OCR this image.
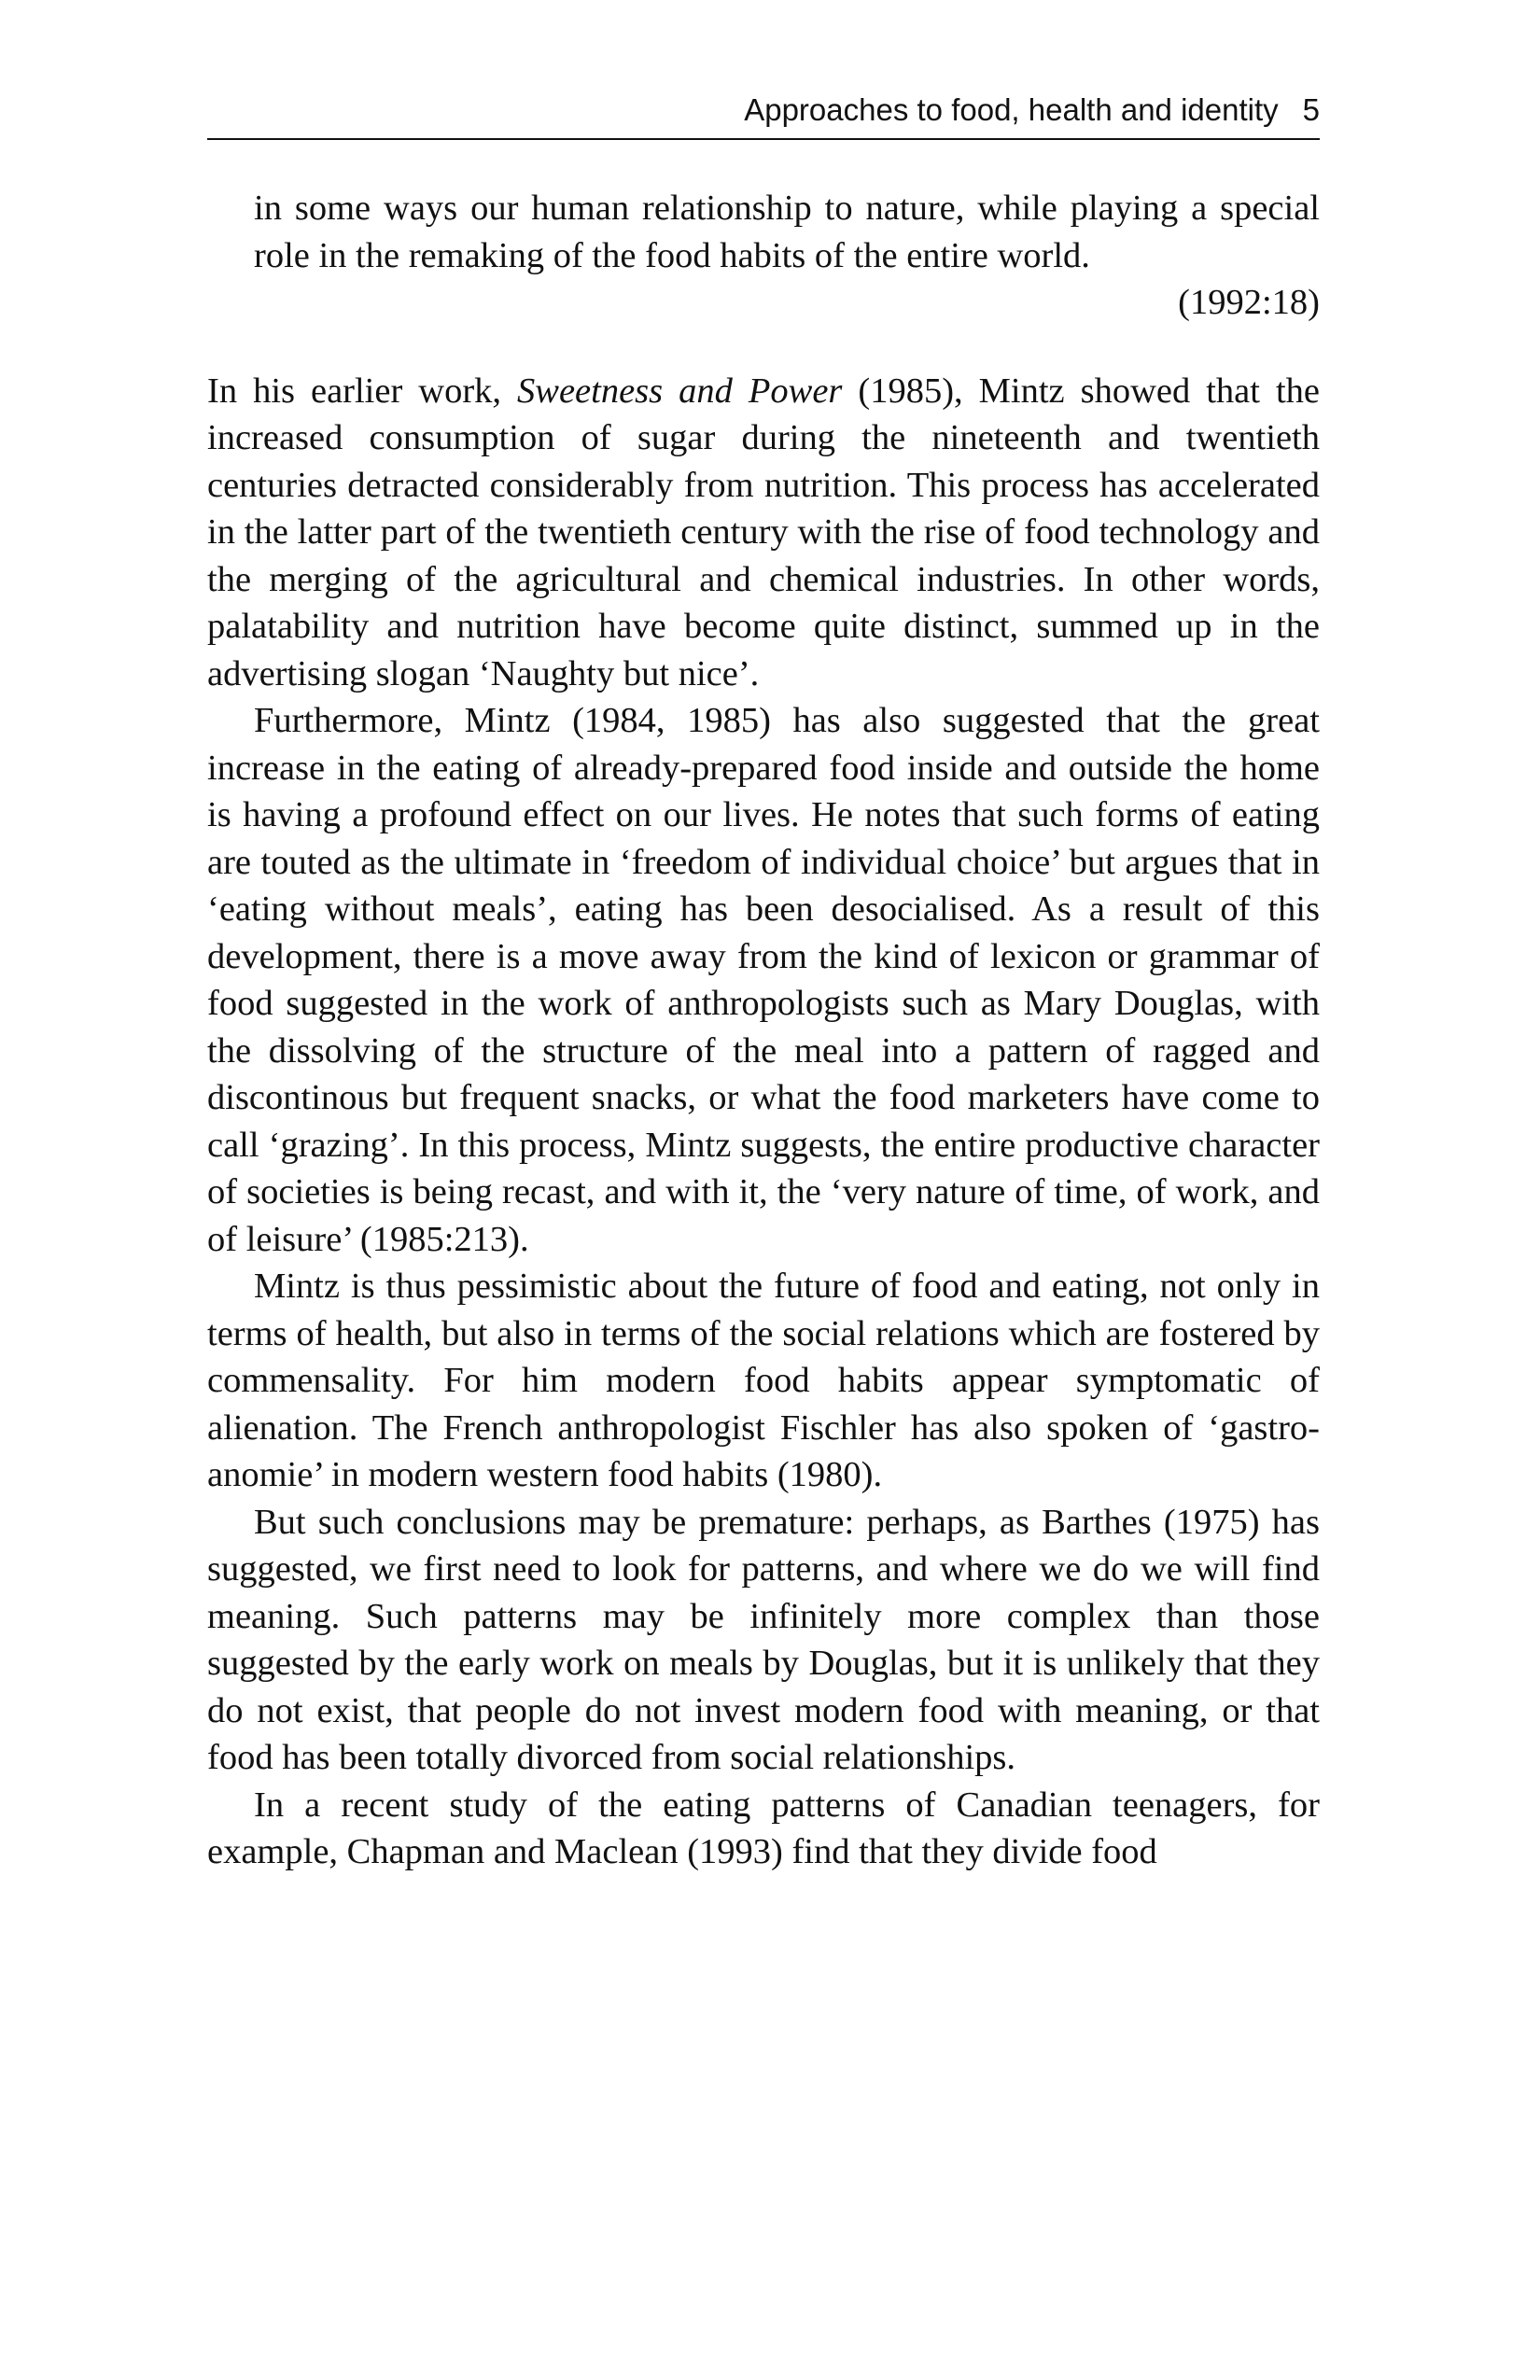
Approaches to food, health and identity 5

in some ways our human relationship to nature, while playing a special role in the remaking of the food habits of the entire world.

(1992:18)

In his earlier work, Sweetness and Power (1985), Mintz showed that the increased consumption of sugar during the nineteenth and twentieth centuries detracted considerably from nutrition. This process has accelerated in the latter part of the twentieth century with the rise of food technology and the merging of the agricultural and chemical industries. In other words, palatability and nutrition have become quite distinct, summed up in the advertising slogan ‘Naughty but nice’.

Furthermore, Mintz (1984, 1985) has also suggested that the great increase in the eating of already-prepared food inside and outside the home is having a profound effect on our lives. He notes that such forms of eating are touted as the ultimate in ‘freedom of individual choice’ but argues that in ‘eating without meals’, eating has been desocialised. As a result of this development, there is a move away from the kind of lexicon or grammar of food suggested in the work of anthropologists such as Mary Douglas, with the dissolving of the structure of the meal into a pattern of ragged and discontinous but frequent snacks, or what the food marketers have come to call ‘grazing’. In this process, Mintz suggests, the entire productive character of societies is being recast, and with it, the ‘very nature of time, of work, and of leisure’ (1985:213).

Mintz is thus pessimistic about the future of food and eating, not only in terms of health, but also in terms of the social relations which are fostered by commensality. For him modern food habits appear symptomatic of alienation. The French anthropologist Fischler has also spoken of ‘gastro-anomie’ in modern western food habits (1980).

But such conclusions may be premature: perhaps, as Barthes (1975) has suggested, we first need to look for patterns, and where we do we will find meaning. Such patterns may be infinitely more complex than those suggested by the early work on meals by Douglas, but it is unlikely that they do not exist, that people do not invest modern food with meaning, or that food has been totally divorced from social relationships.

In a recent study of the eating patterns of Canadian teenagers, for example, Chapman and Maclean (1993) find that they divide food
